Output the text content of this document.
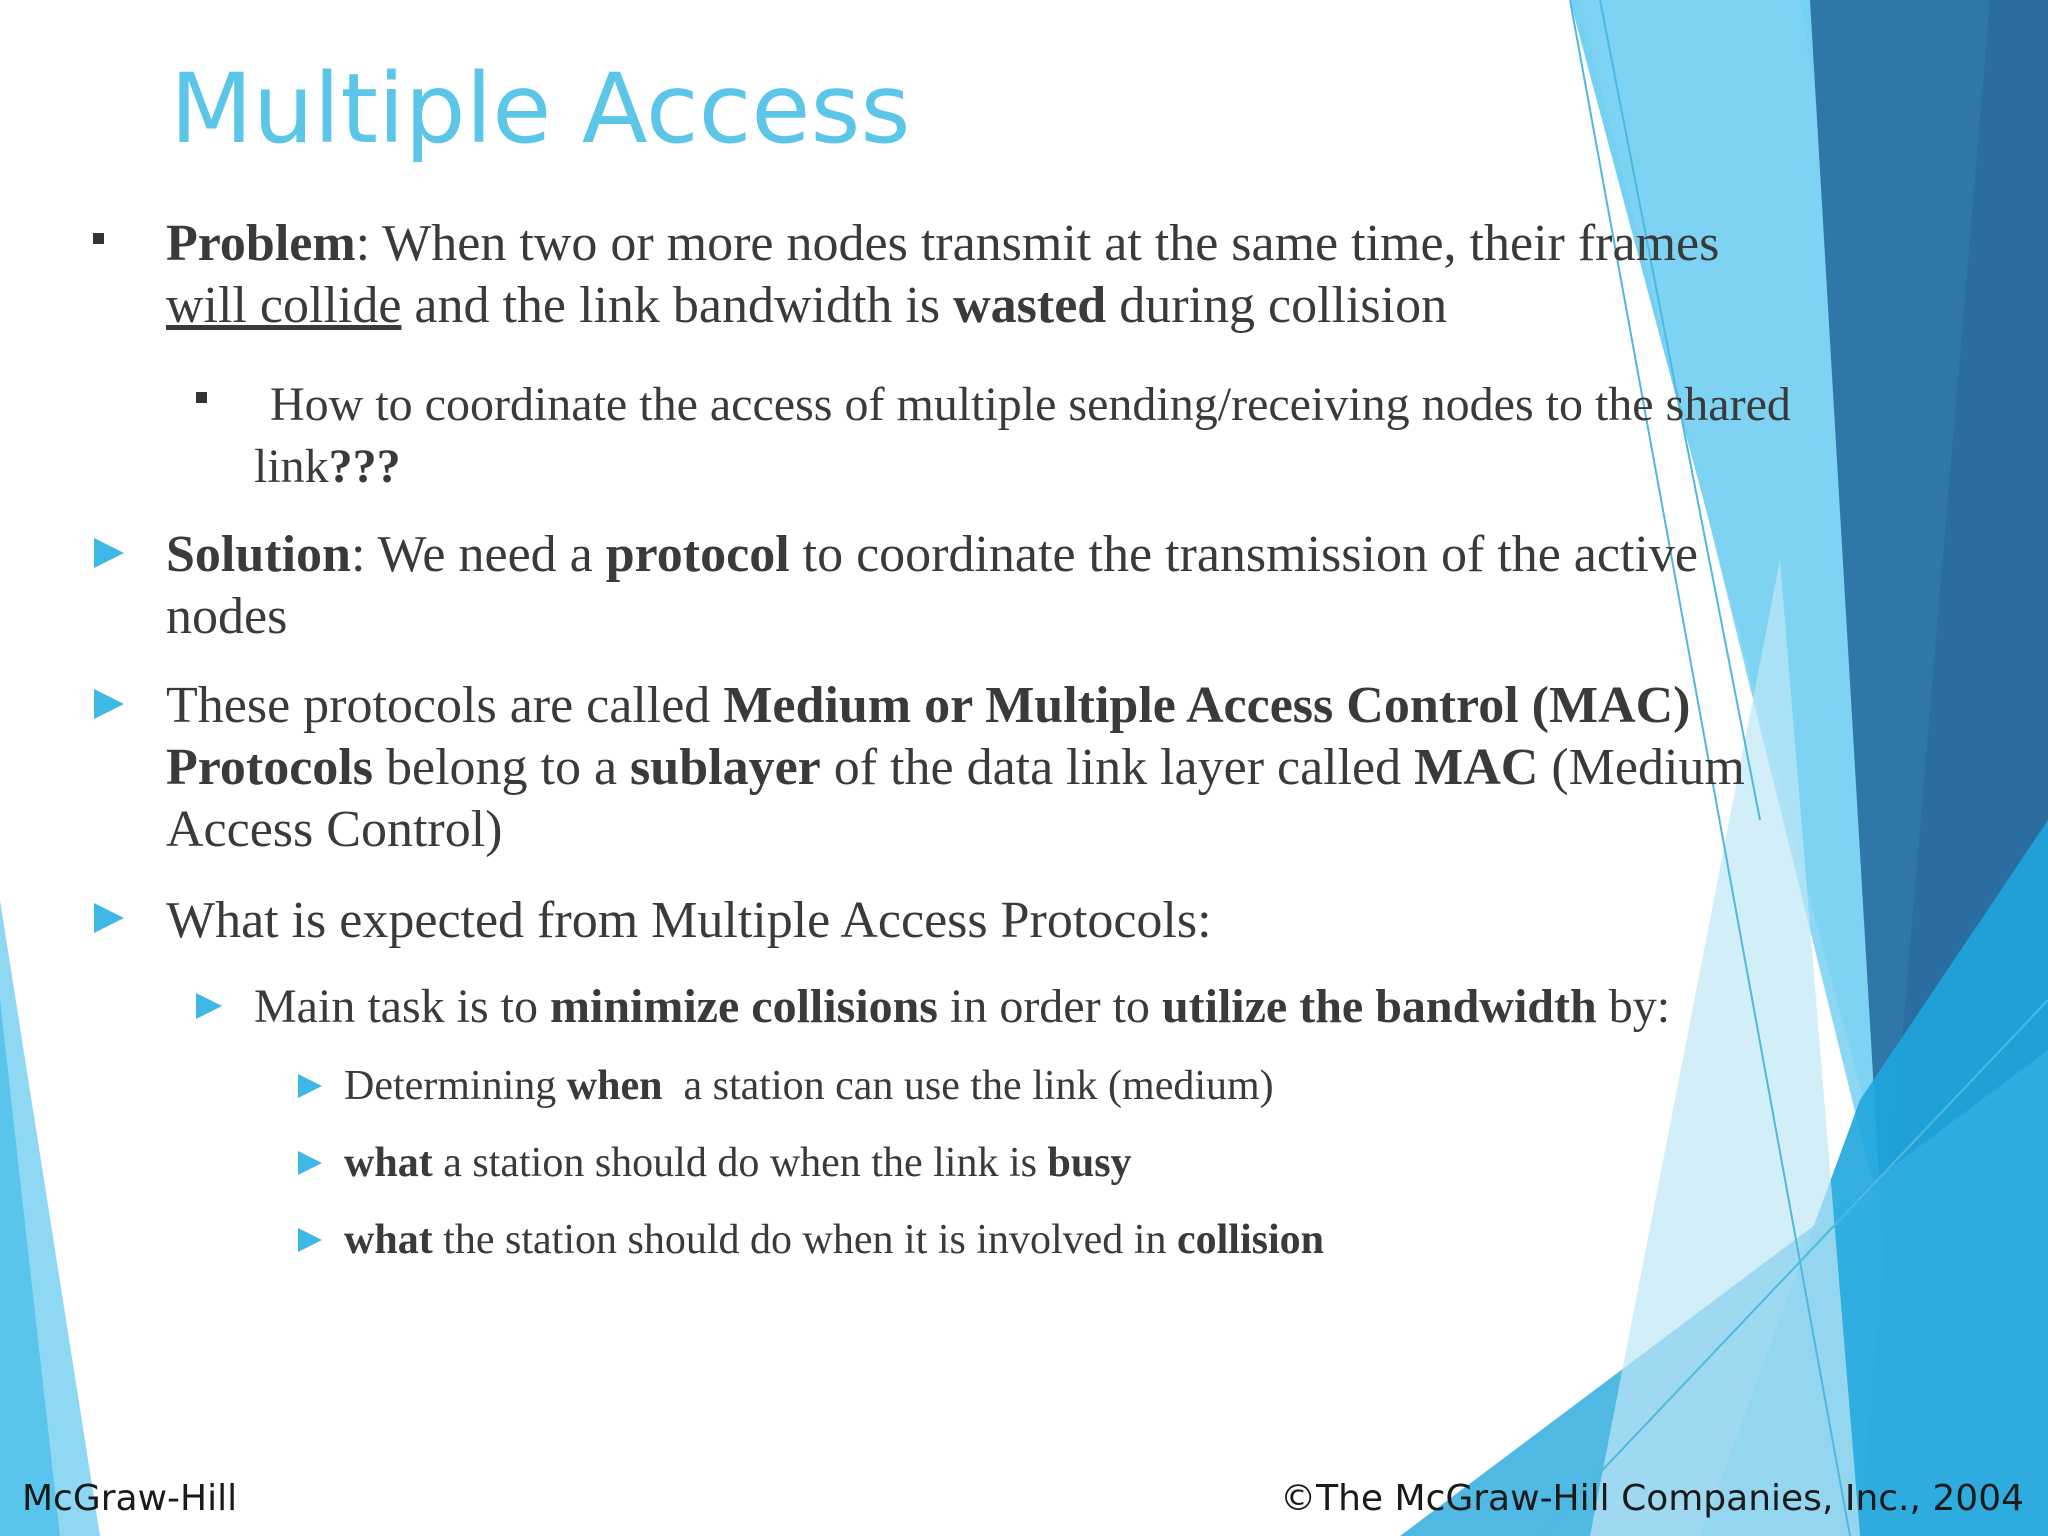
Multiple Access
Problem: When two or more nodes transmit at the same time, their frames will collide and the link bandwidth is wasted during collision
How to coordinate the access of multiple sending/receiving nodes to the shared link???
Solution: We need a protocol to coordinate the transmission of the active nodes
These protocols are called Medium or Multiple Access Control (MAC) Protocols belong to a sublayer of the data link layer called MAC (Medium Access Control)
What is expected from Multiple Access Protocols:
Main task is to minimize collisions in order to utilize the bandwidth by:
Determining when  a station can use the link (medium)
what a station should do when the link is busy
what the station should do when it is involved in collision
McGraw-Hill	©The McGraw-Hill Companies, Inc., 2004
